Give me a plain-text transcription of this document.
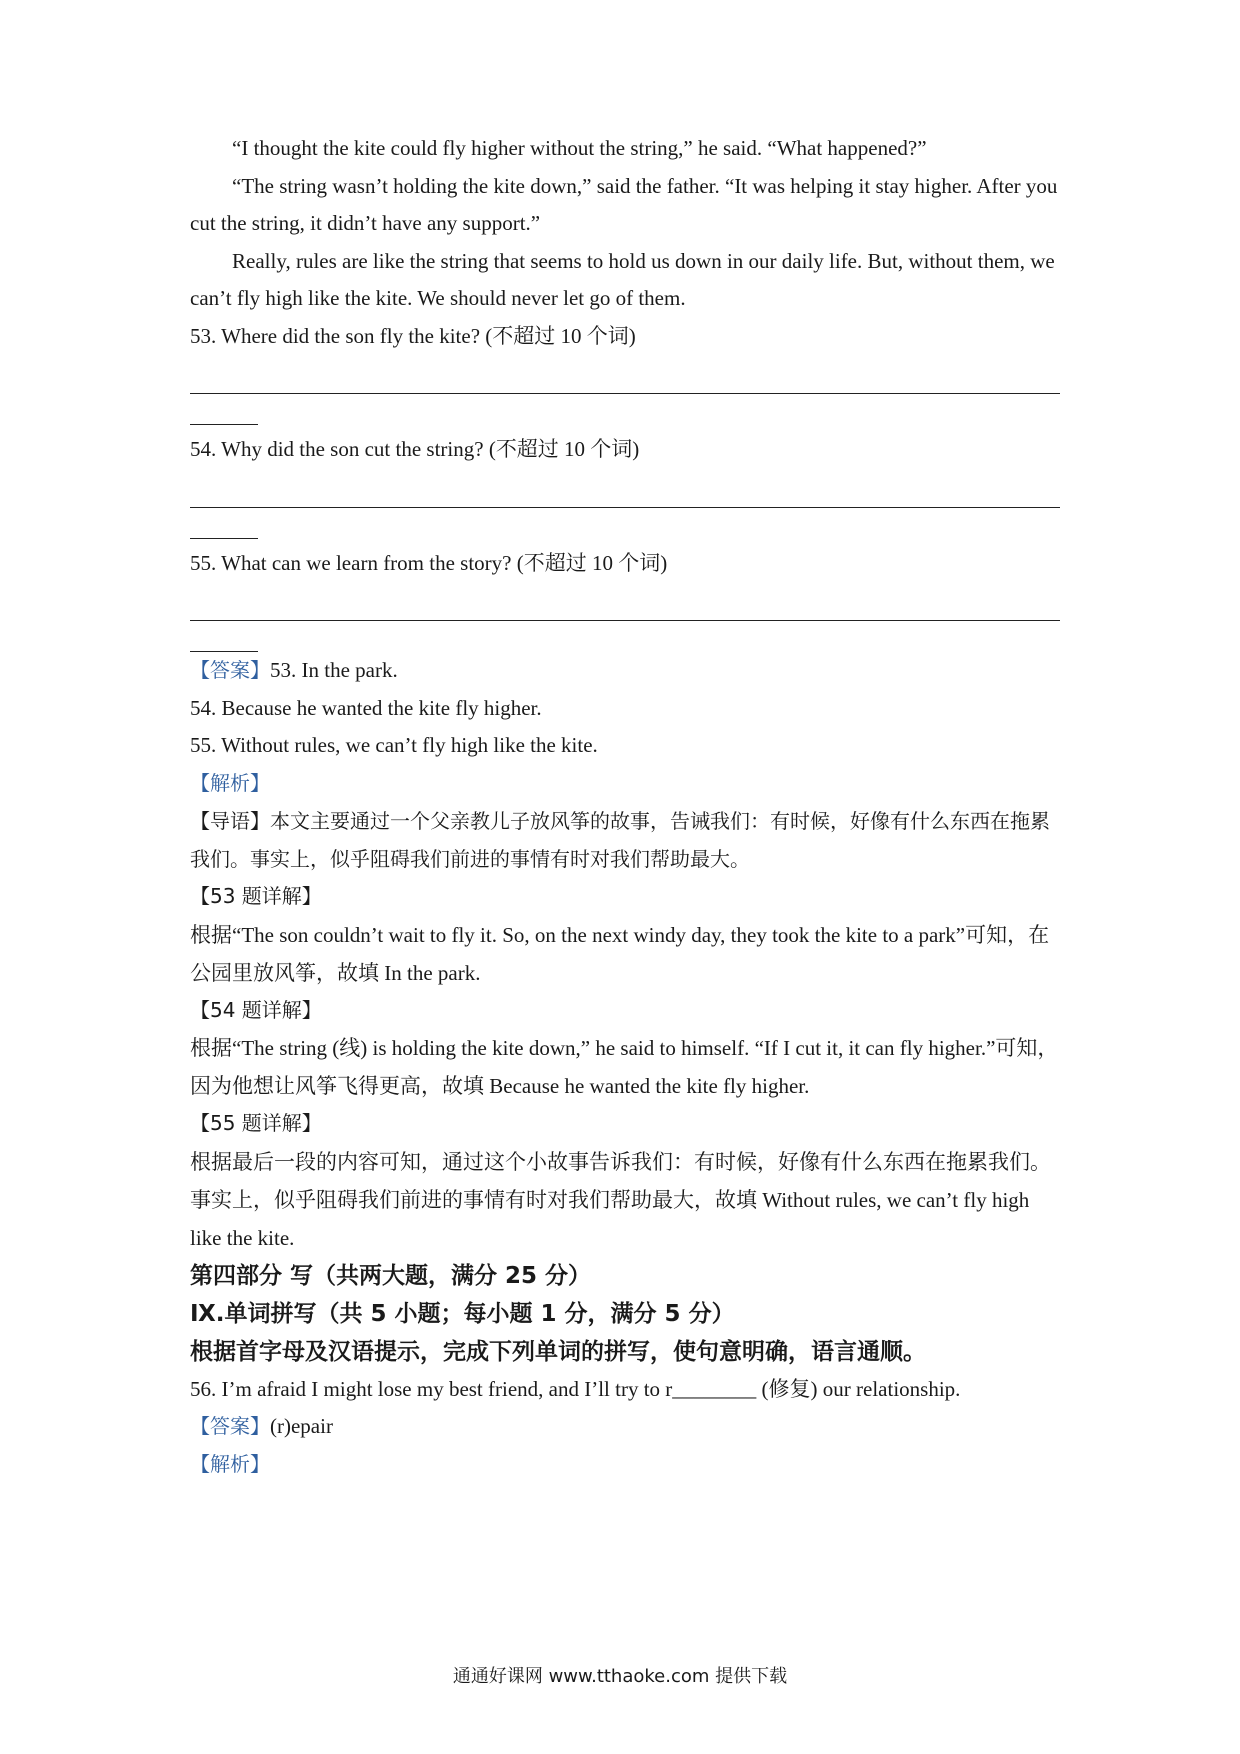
“I thought the kite could fly higher without the string,” he said. “What happened?”

“The string wasn’t holding the kite down,” said the father. “It was helping it stay higher. After you cut the string, it didn’t have any support.”

Really, rules are like the string that seems to hold us down in our daily life. But, without them, we can’t fly high like the kite. We should never let go of them.

53. Where did the son fly the kite? (不超过 10 个词)

54. Why did the son cut the string? (不超过 10 个词)

55. What can we learn from the story? (不超过 10 个词)

【答案】53. In the park.

54. Because he wanted the kite fly higher.

55. Without rules, we can’t fly high like the kite.

【解析】

【导语】本文主要通过一个父亲教儿子放风筝的故事，告诫我们：有时候，好像有什么东西在拖累我们。事实上，似乎阻碍我们前进的事情有时对我们帮助最大。

【53 题详解】

根据“The son couldn’t wait to fly it. So, on the next windy day, they took the kite to a park”可知，在公园里放风筝，故填 In the park.

【54 题详解】

根据“The string (线) is holding the kite down,” he said to himself. “If I cut it, it can fly higher.”可知，因为他想让风筝飞得更高，故填 Because he wanted the kite fly higher.

【55 题详解】

根据最后一段的内容可知，通过这个小故事告诉我们：有时候，好像有什么东西在拖累我们。事实上，似乎阻碍我们前进的事情有时对我们帮助最大，故填 Without rules, we can’t fly high like the kite.

第四部分 写（共两大题，满分 25 分）

Ⅸ.单词拼写（共 5 小题；每小题 1 分，满分 5 分）

根据首字母及汉语提示，完成下列单词的拼写，使句意明确，语言通顺。

56. I’m afraid I might lose my best friend, and I’ll try to r________ (修复) our relationship.

【答案】(r)epair

【解析】

通通好课网 www.tthaoke.com 提供下载
